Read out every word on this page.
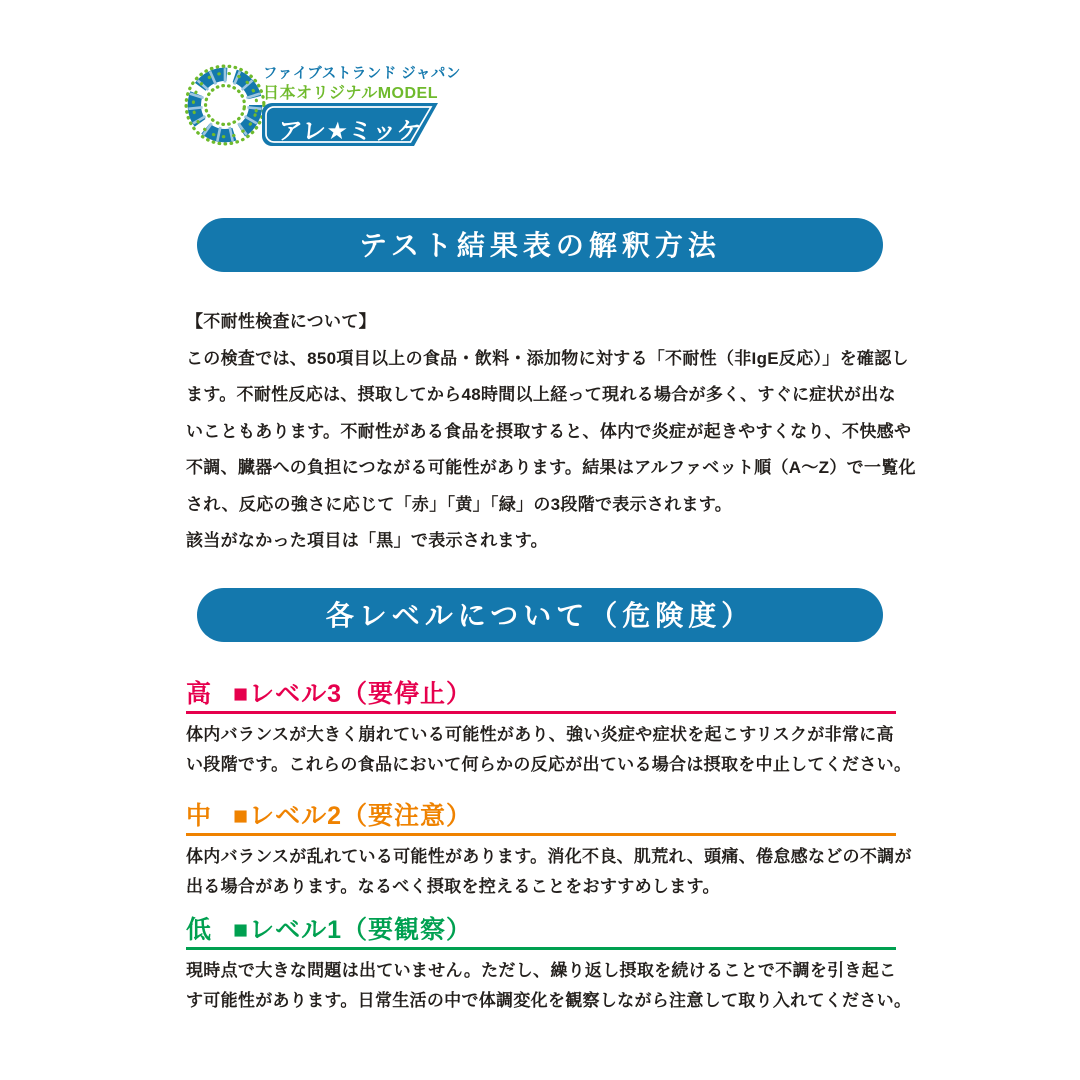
ファイブストランド ジャパン
日本オリジナルMODEL
アレ★ミッケ
テスト結果表の解釈方法

【不耐性検査について】

この検査では、850項目以上の食品・飲料・添加物に対する「不耐性（非IgE反応）」を確認し

ます。不耐性反応は、摂取してから48時間以上経って現れる場合が多く、すぐに症状が出な

いこともあります。不耐性がある食品を摂取すると、体内で炎症が起きやすくなり、不快感や

不調、臓器への負担につながる可能性があります。結果はアルファベット順（A～Z）で一覧化

され、反応の強さに応じて「赤」「黄」「緑」の3段階で表示されます。

該当がなかった項目は「黒」で表示されます。

各レベルについて（危険度）
高 ■レベル3（要停止）

体内バランスが大きく崩れている可能性があり、強い炎症や症状を起こすリスクが非常に高

い段階です。これらの食品において何らかの反応が出ている場合は摂取を中止してください。

中 ■レベル2（要注意）

体内バランスが乱れている可能性があります。消化不良、肌荒れ、頭痛、倦怠感などの不調が

出る場合があります。なるべく摂取を控えることをおすすめします。

低 ■レベル1（要観察）

現時点で大きな問題は出ていません。ただし、繰り返し摂取を続けることで不調を引き起こ

す可能性があります。日常生活の中で体調変化を観察しながら注意して取り入れてください。
